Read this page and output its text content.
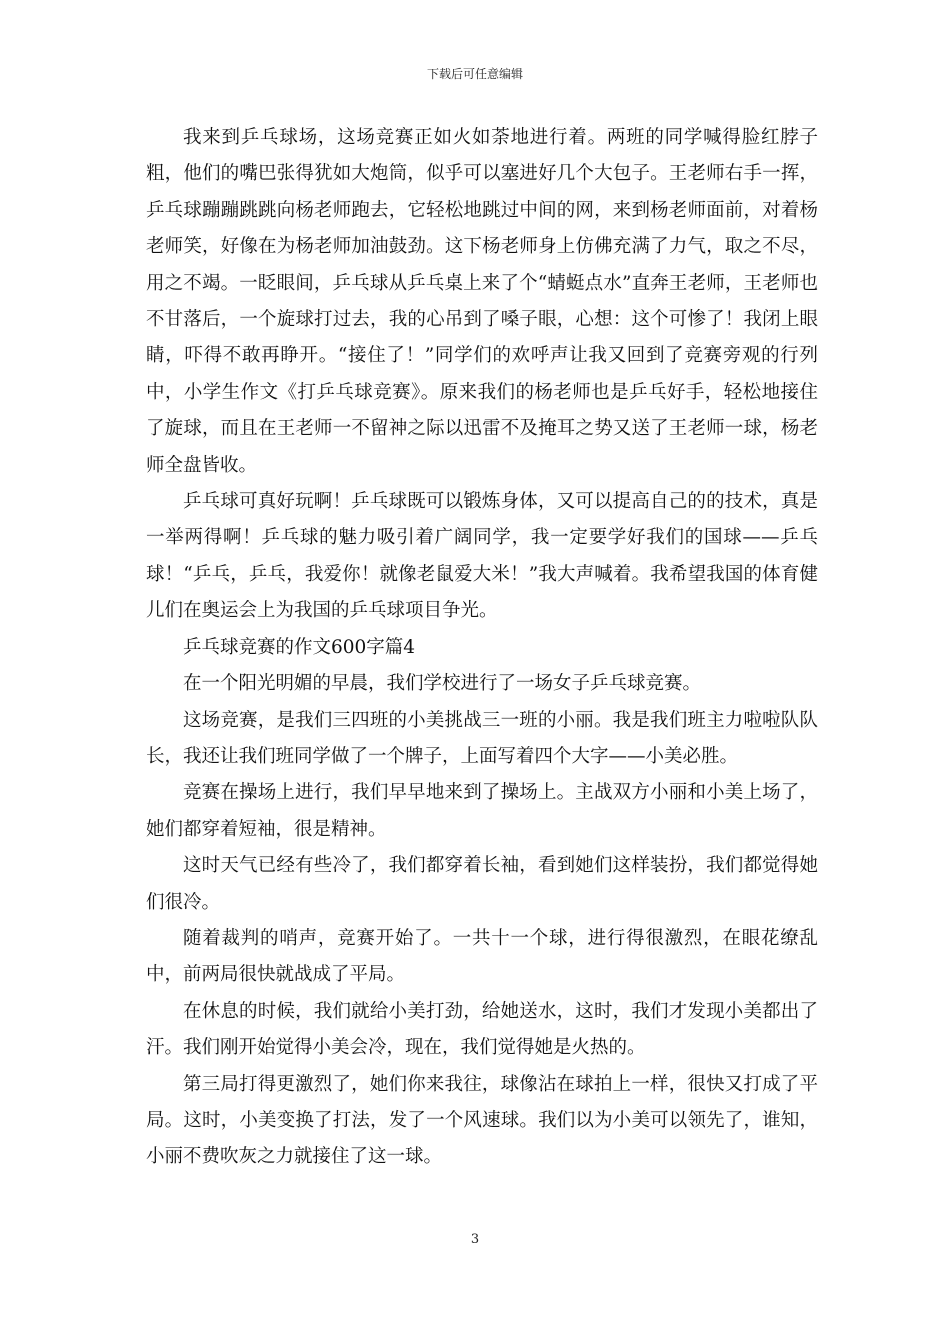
下载后可任意编辑

我来到乒乓球场，这场竞赛正如火如荼地进行着。两班的同学喊得脸红脖子粗，他们的嘴巴张得犹如大炮筒，似乎可以塞进好几个大包子。王老师右手一挥，乒乓球蹦蹦跳跳向杨老师跑去，它轻松地跳过中间的网，来到杨老师面前，对着杨老师笑，好像在为杨老师加油鼓劲。这下杨老师身上仿佛充满了力气，取之不尽，用之不竭。一眨眼间，乒乓球从乒乓桌上来了个“蜻蜓点水”直奔王老师，王老师也不甘落后，一个旋球打过去，我的心吊到了嗓子眼，心想：这个可惨了！我闭上眼睛，吓得不敢再睁开。“接住了！”同学们的欢呼声让我又回到了竞赛旁观的行列中，小学生作文《打乒乓球竞赛》。原来我们的杨老师也是乒乓好手，轻松地接住了旋球，而且在王老师一不留神之际以迅雷不及掩耳之势又送了王老师一球，杨老师全盘皆收。

乒乓球可真好玩啊！乒乓球既可以锻炼身体，又可以提高自己的的技术，真是一举两得啊！乒乓球的魅力吸引着广阔同学，我一定要学好我们的国球——乒乓球！“乒乓，乒乓，我爱你！就像老鼠爱大米！”我大声喊着。我希望我国的体育健儿们在奥运会上为我国的乒乓球项目争光。

乒乓球竞赛的作文600字篇4

在一个阳光明媚的早晨，我们学校进行了一场女子乒乓球竞赛。

这场竞赛，是我们三四班的小美挑战三一班的小丽。我是我们班主力啦啦队队长，我还让我们班同学做了一个牌子，上面写着四个大字——小美必胜。

竞赛在操场上进行，我们早早地来到了操场上。主战双方小丽和小美上场了，她们都穿着短袖，很是精神。

这时天气已经有些冷了，我们都穿着长袖，看到她们这样装扮，我们都觉得她们很冷。

随着裁判的哨声，竞赛开始了。一共十一个球，进行得很激烈，在眼花缭乱中，前两局很快就战成了平局。

在休息的时候，我们就给小美打劲，给她送水，这时，我们才发现小美都出了汗。我们刚开始觉得小美会冷，现在，我们觉得她是火热的。

第三局打得更激烈了，她们你来我往，球像沾在球拍上一样，很快又打成了平局。这时，小美变换了打法，发了一个风速球。我们以为小美可以领先了，谁知，小丽不费吹灰之力就接住了这一球。

3
